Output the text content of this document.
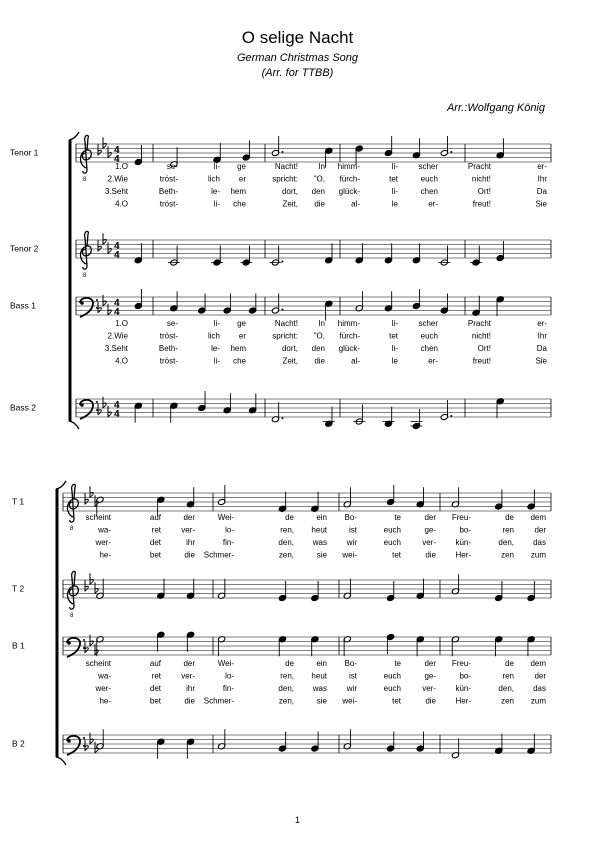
O selige Nacht
German Christmas Song
(Arr. for TTBB)
Arr.:Wolfgang König
Tenor 1
Tenor 2
Bass 1
Bass 2
1.O	se-	li- ge	Nacht!	In himm-	li-	scher	Pracht	er-
2.Wie	tröst-	lich er	spricht: "O, fürch-	tet	euch	nicht!	Ihr
3.Seht	Beth-	le- hem	dort, den glück-	li-	chen	Ort!	Da
4.O	tröst-	li- che	Zeit, die	al-	le	er-	freut!	Sie
1.O	se-	li- ge	Nacht!	In himm-	li-	scher	Pracht	er-
2.Wie	tröst-	lich er	spricht: "O, fürch-	tet	euch	nicht!	Ihr
3.Seht	Beth-	le- hem	dort, den glück-	li-	chen	Ort!	Da
4.O	tröst-	li- che	Zeit, die	al-	le	er-	freut!	Sie
8
4
4
8
4
4
4
4
4
4
T 1
T 2
B 1
B 2
scheint	auf	der	Wei-	de	ein Bo-	te	der Freu-	de dem
wa-	ret	ver-	lo-	ren, heut	ist	euch	ge-	bo-	ren	der
wer-	det	ihr	fin-	den, was wir	euch	ver- kün-	den, das
he-	bet	die Schmer-	zen,	sie wei-	tet	die Her-	zen zum
scheint	auf	der	Wei-	de	ein Bo-	te	der Freu-	de dem
wa-	ret	ver-	lo-	ren, heut	ist	euch	ge-	bo-	ren	der
wer-	det	ihr	fin-	den, was wir	euch	ver- kün-	den, das
he-	bet	die Schmer-	zen,	sie wei-	tet	die Her-	zen zum
8
8
1
